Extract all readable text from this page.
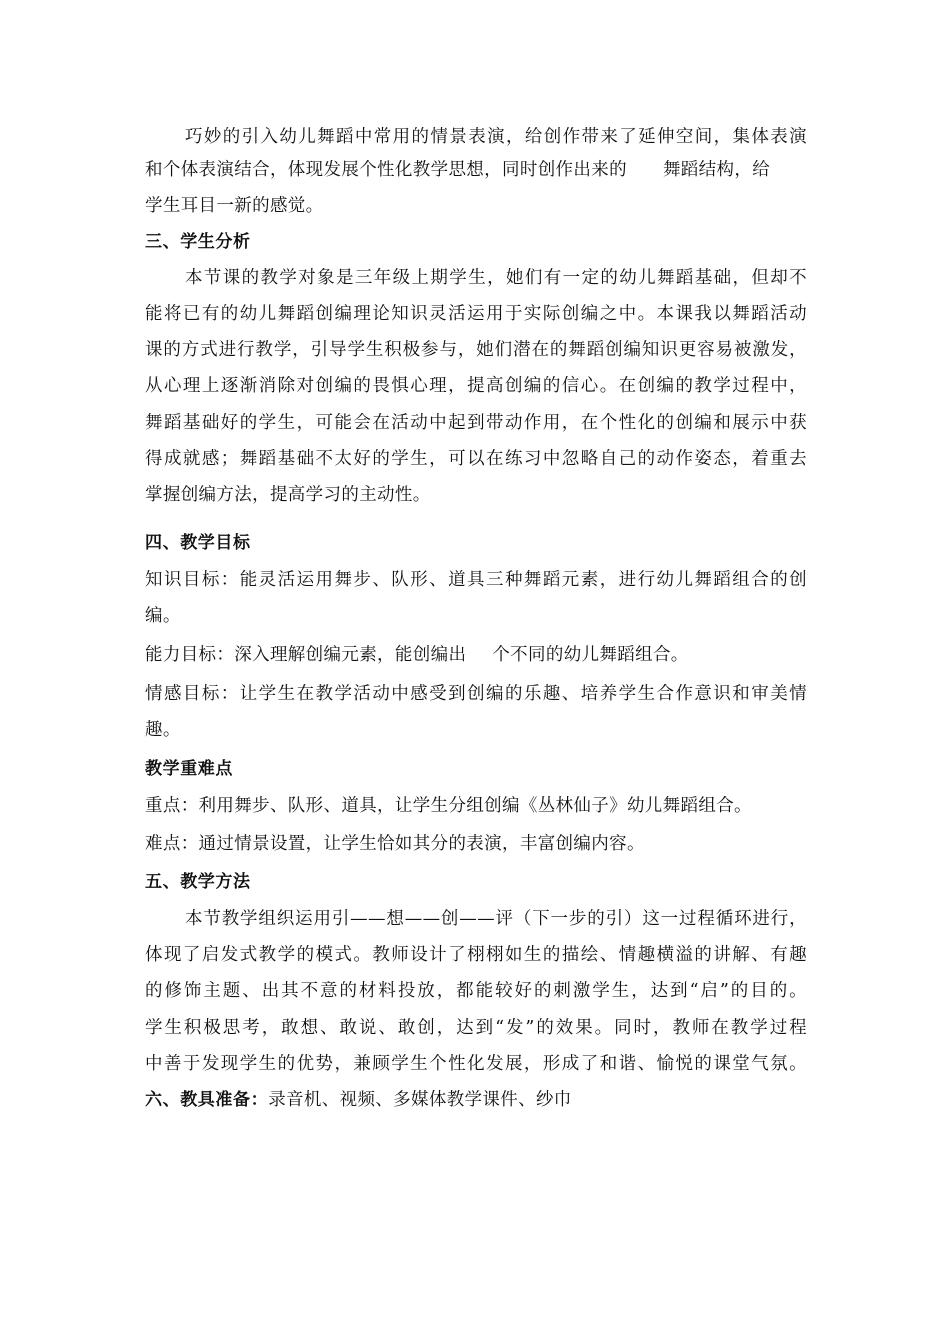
巧妙的引入幼儿舞蹈中常用的情景表演，给创作带来了延伸空间，集体表演
和个体表演结合，体现发展个性化教学思想，同时创作出来的 舞蹈结构，给
学生耳目一新的感觉。
三、学生分析
本节课的教学对象是三年级上期学生，她们有一定的幼儿舞蹈基础，但却不
能将已有的幼儿舞蹈创编理论知识灵活运用于实际创编之中。本课我以舞蹈活动
课的方式进行教学，引导学生积极参与，她们潜在的舞蹈创编知识更容易被激发，
从心理上逐渐消除对创编的畏惧心理，提高创编的信心。在创编的教学过程中，
舞蹈基础好的学生，可能会在活动中起到带动作用，在个性化的创编和展示中获
得成就感；舞蹈基础不太好的学生，可以在练习中忽略自己的动作姿态，着重去
掌握创编方法，提高学习的主动性。
四、教学目标
知识目标：能灵活运用舞步、队形、道具三种舞蹈元素，进行幼儿舞蹈组合的创
编。
能力目标：深入理解创编元素，能创编出 个不同的幼儿舞蹈组合。
情感目标：让学生在教学活动中感受到创编的乐趣、培养学生合作意识和审美情
趣。
教学重难点
重点：利用舞步、队形、道具，让学生分组创编《丛林仙子》幼儿舞蹈组合。
难点：通过情景设置，让学生恰如其分的表演，丰富创编内容。
五、教学方法
本节教学组织运用引——想——创——评（下一步的引）这一过程循环进行，
体现了启发式教学的模式。教师设计了栩栩如生的描绘、情趣横溢的讲解、有趣
的修饰主题、出其不意的材料投放，都能较好的刺激学生，达到“启”的目的。
学生积极思考，敢想、敢说、敢创，达到“发”的效果。同时，教师在教学过程
中善于发现学生的优势，兼顾学生个性化发展，形成了和谐、愉悦的课堂气氛。
六、教具准备：录音机、视频、多媒体教学课件、纱巾
